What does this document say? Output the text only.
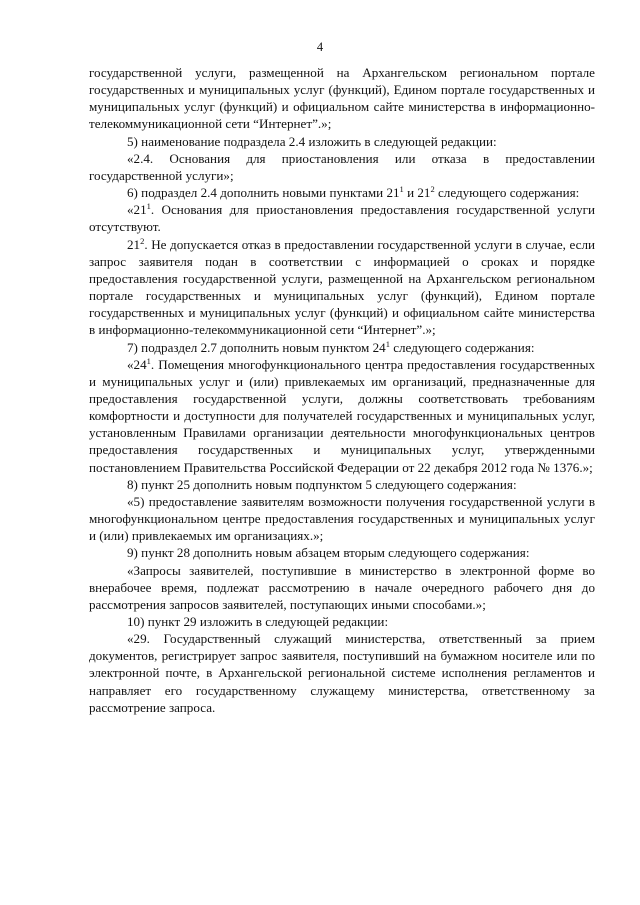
4

государственной услуги, размещенной на Архангельском региональном портале государственных и муниципальных услуг (функций), Едином портале государственных и муниципальных услуг (функций) и официальном сайте министерства в информационно-телекоммуникационной сети “Интернет”.»;

5) наименование подраздела 2.4 изложить в следующей редакции:

«2.4. Основания для приостановления или отказа в предоставлении государственной услуги»;

6) подраздел 2.4 дополнить новыми пунктами $21^1$ и $21^2$ следующего содержания:

«$21^1$. Основания для приостановления предоставления государственной услуги отсутствуют.

$21^2$. Не допускается отказ в предоставлении государственной услуги в случае, если запрос заявителя подан в соответствии с информацией о сроках и порядке предоставления государственной услуги, размещенной на Архангельском региональном портале государственных и муниципальных услуг (функций), Едином портале государственных и муниципальных услуг (функций) и официальном сайте министерства в информационно-телекоммуникационной сети “Интернет”.»;

7) подраздел 2.7 дополнить новым пунктом $24^1$ следующего содержания:

«$24^1$. Помещения многофункционального центра предоставления государственных и муниципальных услуг и (или) привлекаемых им организаций, предназначенные для предоставления государственной услуги, должны соответствовать требованиям комфортности и доступности для получателей государственных и муниципальных услуг, установленным Правилами организации деятельности многофункциональных центров предоставления государственных и муниципальных услуг, утвержденными постановлением Правительства Российской Федерации от 22 декабря 2012 года № 1376.»;

8) пункт 25 дополнить новым подпунктом 5 следующего содержания:

«5) предоставление заявителям возможности получения государственной услуги в многофункциональном центре предоставления государственных и муниципальных услуг и (или) привлекаемых им организациях.»;

9) пункт 28 дополнить новым абзацем вторым следующего содержания:

«Запросы заявителей, поступившие в министерство в электронной форме во внерабочее время, подлежат рассмотрению в начале очередного рабочего дня до рассмотрения запросов заявителей, поступающих иными способами.»;

10) пункт 29 изложить в следующей редакции:

«29. Государственный служащий министерства, ответственный за прием документов, регистрирует запрос заявителя, поступивший на бумажном носителе или по электронной почте, в Архангельской региональной системе исполнения регламентов и направляет его государственному служащему министерства, ответственному за рассмотрение запроса.
